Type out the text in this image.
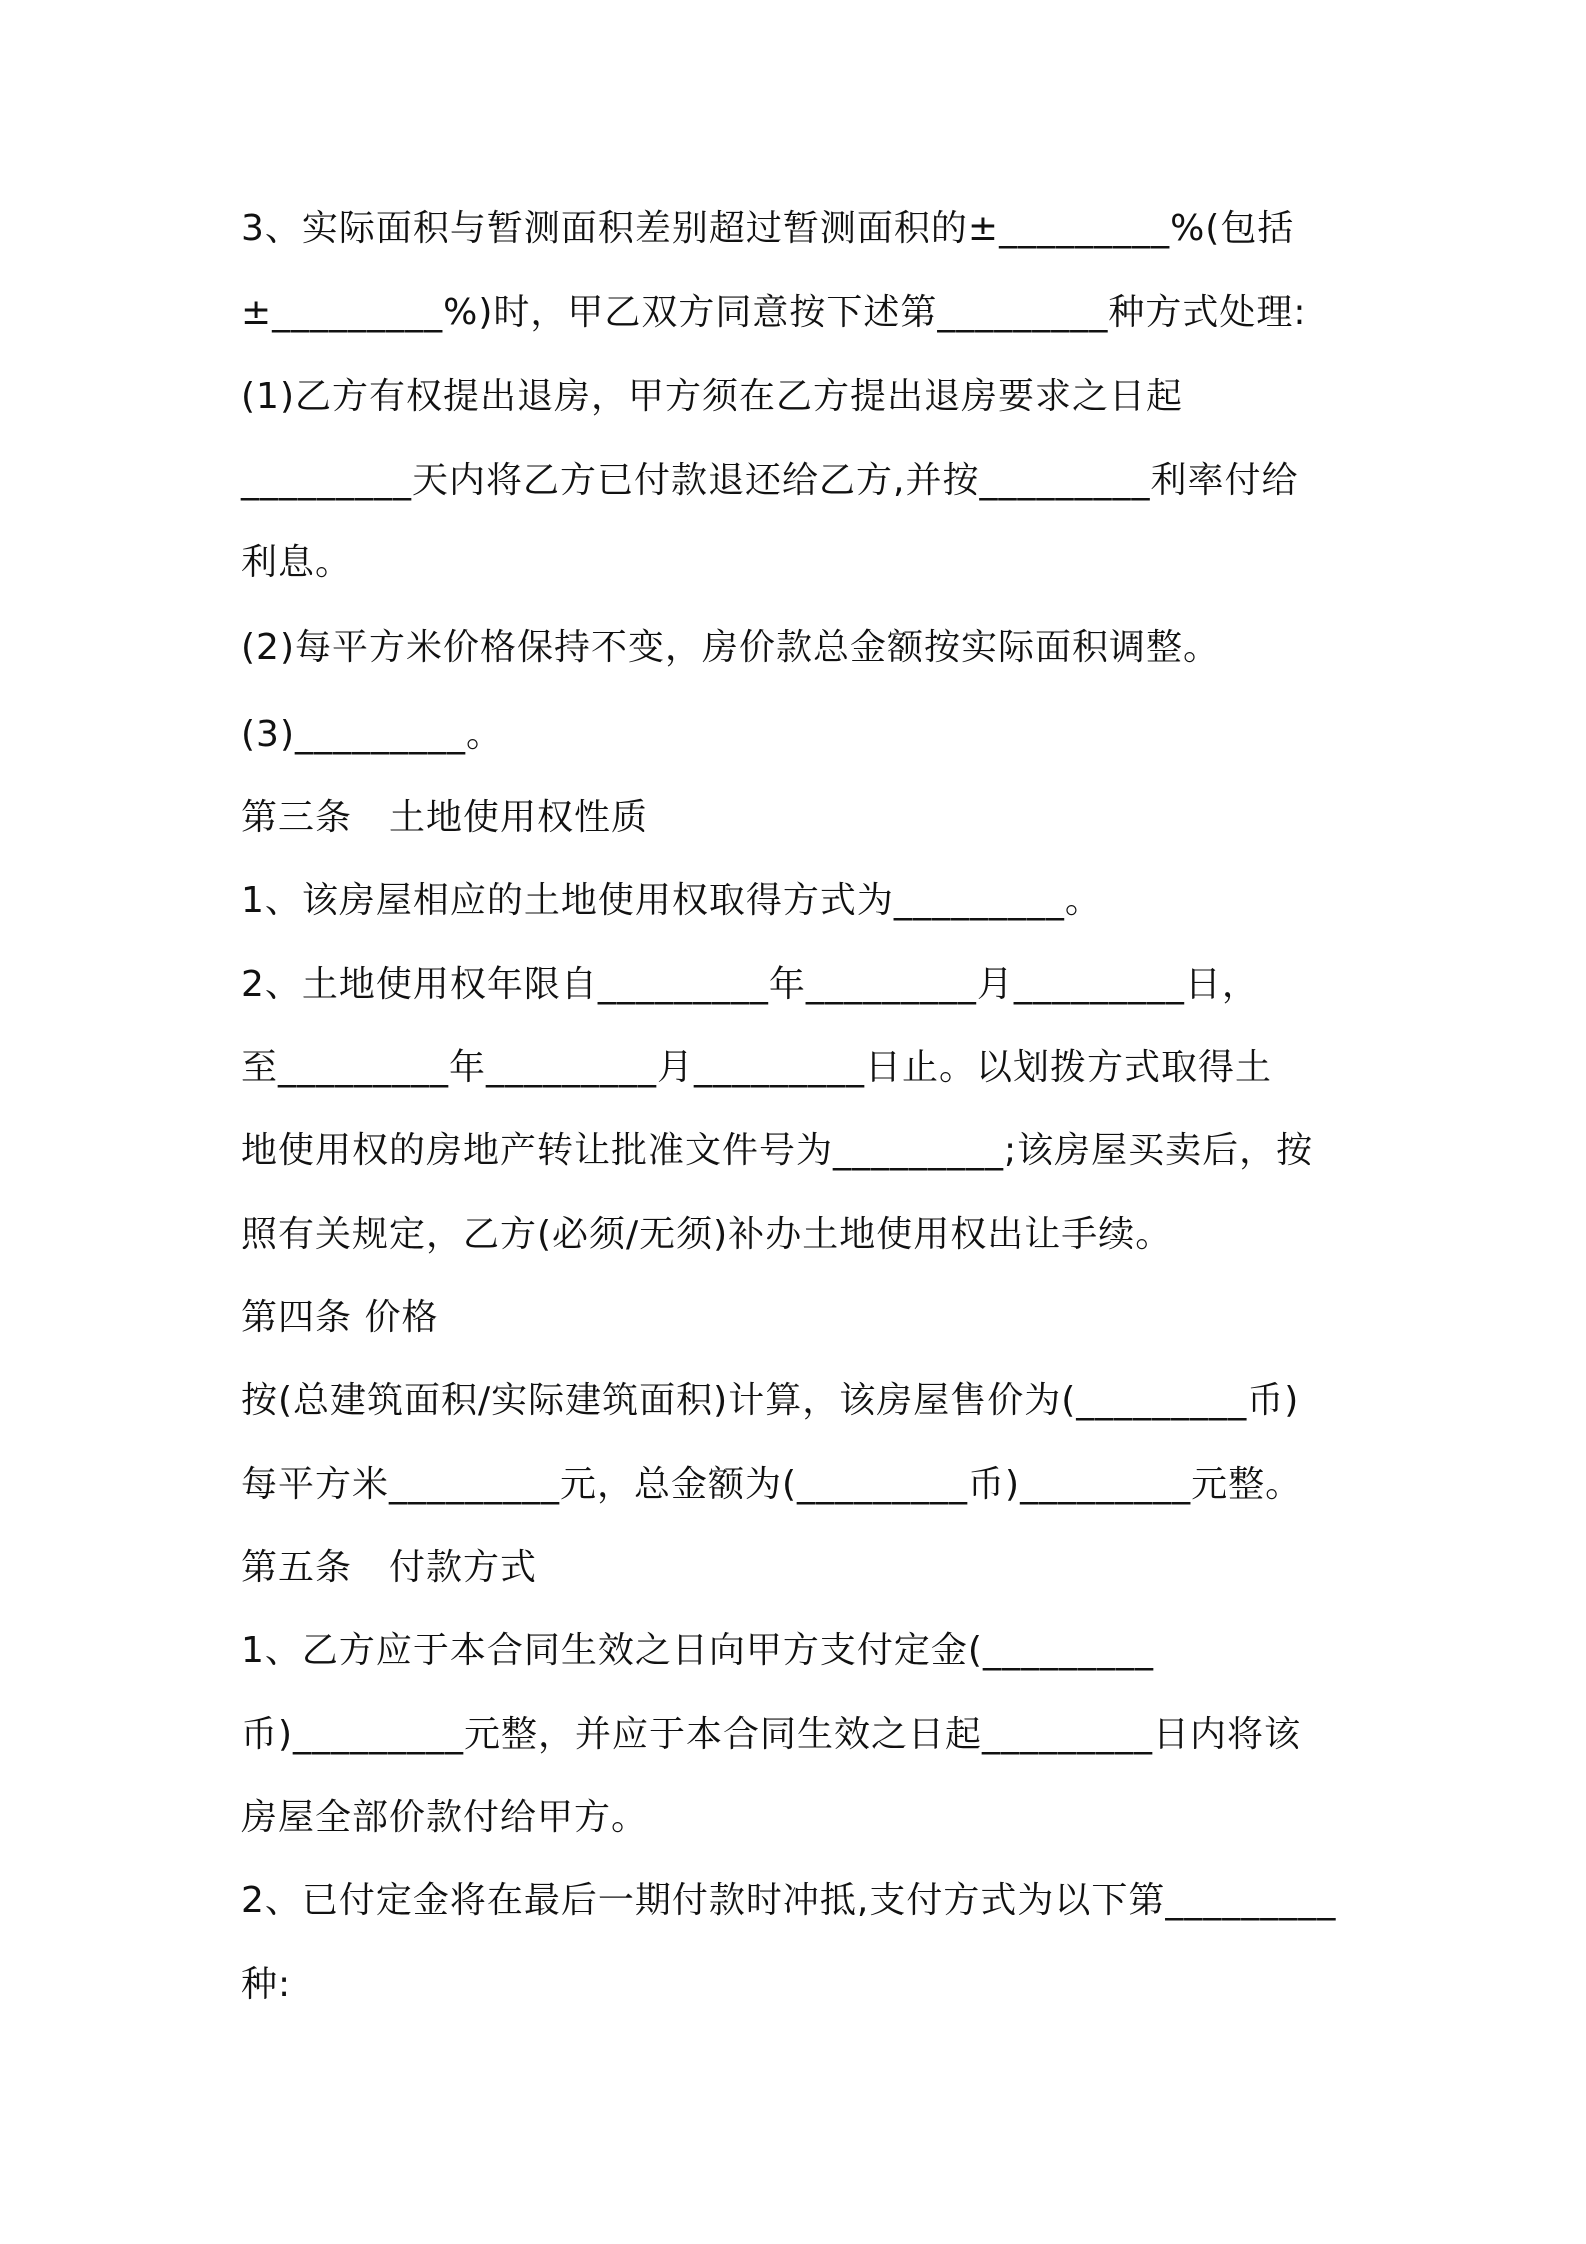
3、实际面积与暂测面积差别超过暂测面积的±_________%(包括
±_________%)时，甲乙双方同意按下述第_________种方式处理:
(1)乙方有权提出退房，甲方须在乙方提出退房要求之日起
_________天内将乙方已付款退还给乙方,并按_________利率付给
利息。
(2)每平方米价格保持不变，房价款总金额按实际面积调整。
(3)_________。
第三条　土地使用权性质
1、该房屋相应的土地使用权取得方式为_________。
2、土地使用权年限自_________年_________月_________日，
至_________年_________月_________日止。以划拨方式取得土
地使用权的房地产转让批准文件号为_________;该房屋买卖后，按
照有关规定，乙方(必须/无须)补办土地使用权出让手续。
第四条 价格
按(总建筑面积/实际建筑面积)计算，该房屋售价为(_________币)
每平方米_________元，总金额为(_________币)_________元整。
第五条　付款方式
1、乙方应于本合同生效之日向甲方支付定金(_________
币)_________元整，并应于本合同生效之日起_________日内将该
房屋全部价款付给甲方。
2、已付定金将在最后一期付款时冲抵,支付方式为以下第_________
种:
